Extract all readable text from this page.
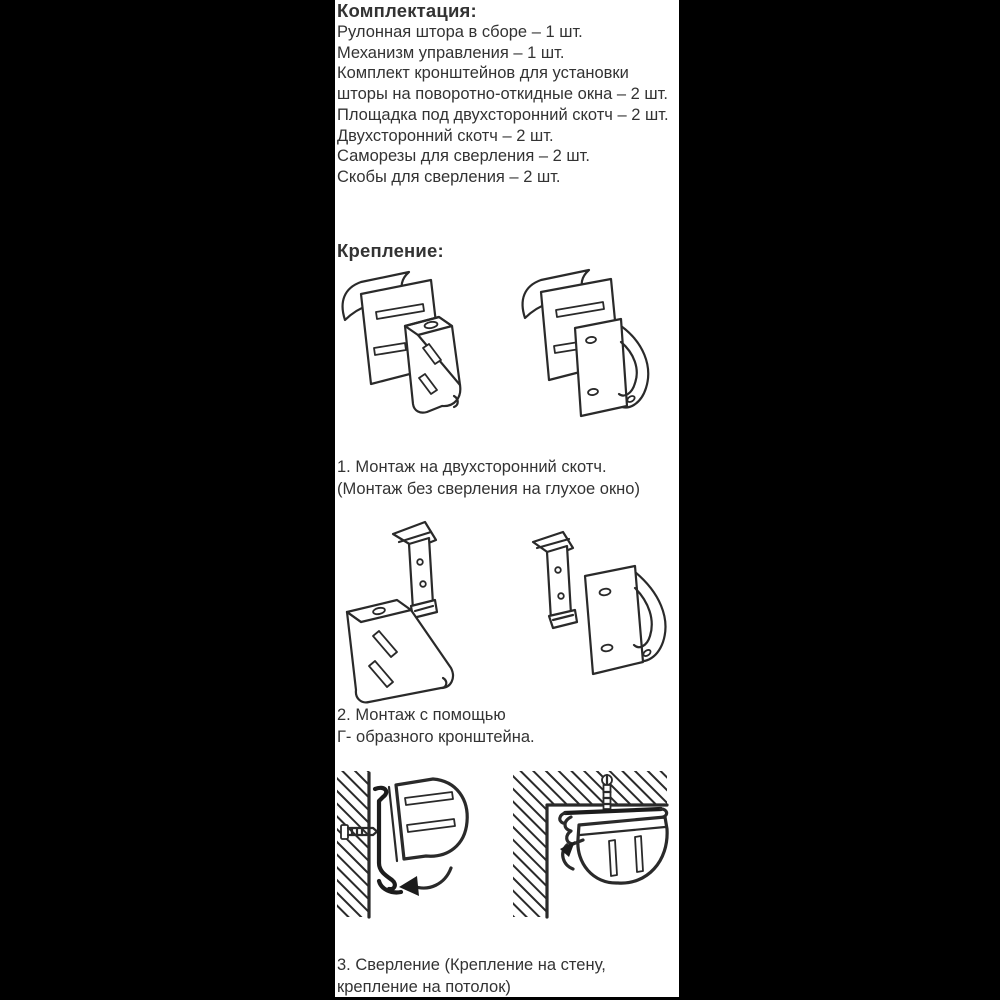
Комплектация:
Рулонная штора в сборе – 1 шт.
Механизм управления – 1 шт.
Комплект кронштейнов для установки
шторы на поворотно-откидные окна – 2 шт.
Площадка под двухсторонний скотч – 2 шт.
Двухсторонний скотч – 2 шт.
Саморезы для сверления – 2 шт.
Скобы для сверления – 2 шт.
Крепление:
1. Монтаж на двухсторонний скотч.
(Монтаж без сверления на глухое окно)
2. Монтаж с помощью
Г- образного кронштейна.
3. Сверление (Крепление на стену,
крепление на потолок)
